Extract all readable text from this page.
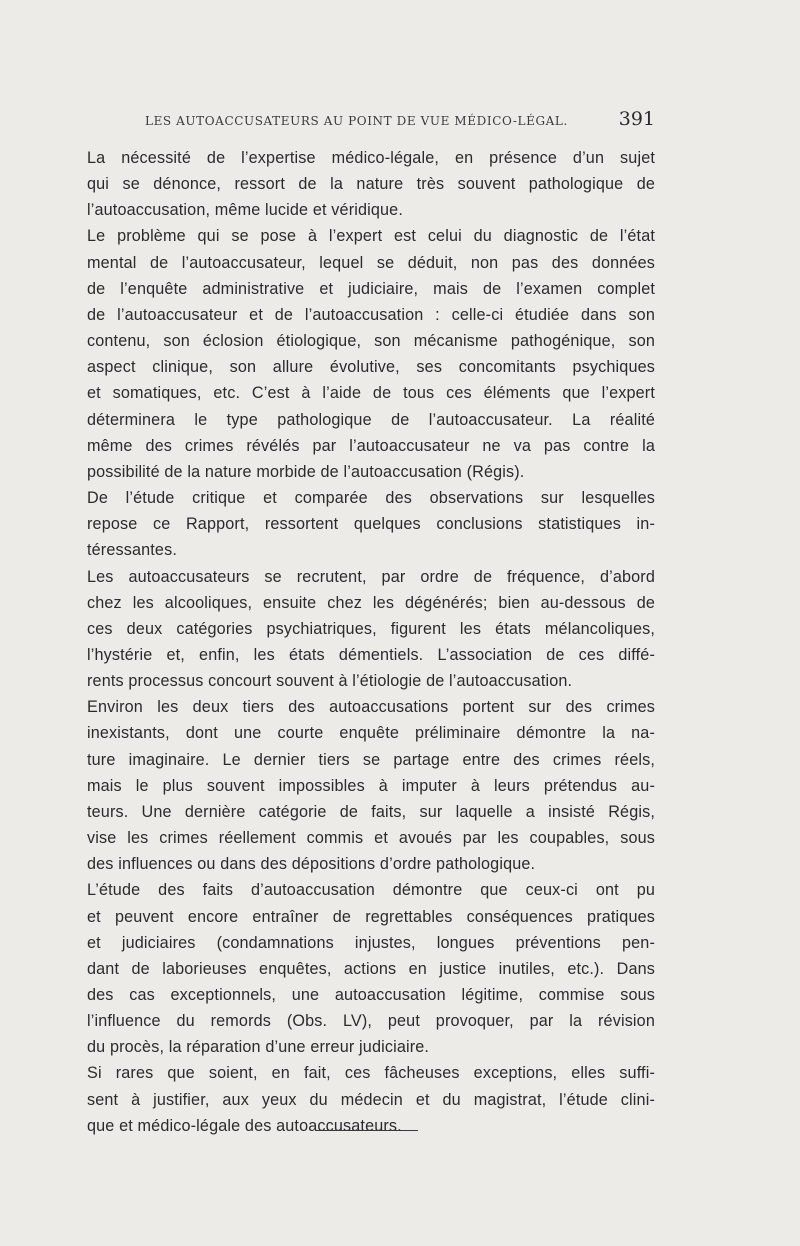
LES AUTOACCUSATEURS AU POINT DE VUE MÉDICO-LÉGAL.	391

La nécessité de l’expertise médico-légale, en présence d’un sujet
qui se dénonce, ressort de la nature très souvent pathologique de
l’autoaccusation, même lucide et véridique.

Le problème qui se pose à l’expert est celui du diagnostic de l’état
mental de l’autoaccusateur, lequel se déduit, non pas des données
de l’enquête administrative et judiciaire, mais de l’examen complet
de l’autoaccusateur et de l’autoaccusation : celle-ci étudiée dans son
contenu, son éclosion étiologique, son mécanisme pathogénique, son
aspect clinique, son allure évolutive, ses concomitants psychiques
et somatiques, etc. C’est à l’aide de tous ces éléments que l’expert
déterminera le type pathologique de l’autoaccusateur. La réalité
même des crimes révélés par l’autoaccusateur ne va pas contre la
possibilité de la nature morbide de l’autoaccusation (Régis).

De l’étude critique et comparée des observations sur lesquelles
repose ce Rapport, ressortent quelques conclusions statistiques in-
téressantes.

Les autoaccusateurs se recrutent, par ordre de fréquence, d’abord
chez les alcooliques, ensuite chez les dégénérés; bien au-dessous de
ces deux catégories psychiatriques, figurent les états mélancoliques,
l’hystérie et, enfin, les états démentiels. L’association de ces diffé-
rents processus concourt souvent à l’étiologie de l’autoaccusation.

Environ les deux tiers des autoaccusations portent sur des crimes
inexistants, dont une courte enquête préliminaire démontre la na-
ture imaginaire. Le dernier tiers se partage entre des crimes réels,
mais le plus souvent impossibles à imputer à leurs prétendus au-
teurs. Une dernière catégorie de faits, sur laquelle a insisté Régis,
vise les crimes réellement commis et avoués par les coupables, sous
des influences ou dans des dépositions d’ordre pathologique.

L’étude des faits d’autoaccusation démontre que ceux-ci ont pu
et peuvent encore entraîner de regrettables conséquences pratiques
et judiciaires (condamnations injustes, longues préventions pen-
dant de laborieuses enquêtes, actions en justice inutiles, etc.). Dans
des cas exceptionnels, une autoaccusation légitime, commise sous
l’influence du remords (Obs. LV), peut provoquer, par la révision
du procès, la réparation d’une erreur judiciaire.

Si rares que soient, en fait, ces fâcheuses exceptions, elles suffi-
sent à justifier, aux yeux du médecin et du magistrat, l’étude clini-
que et médico-légale des autoaccusateurs.
